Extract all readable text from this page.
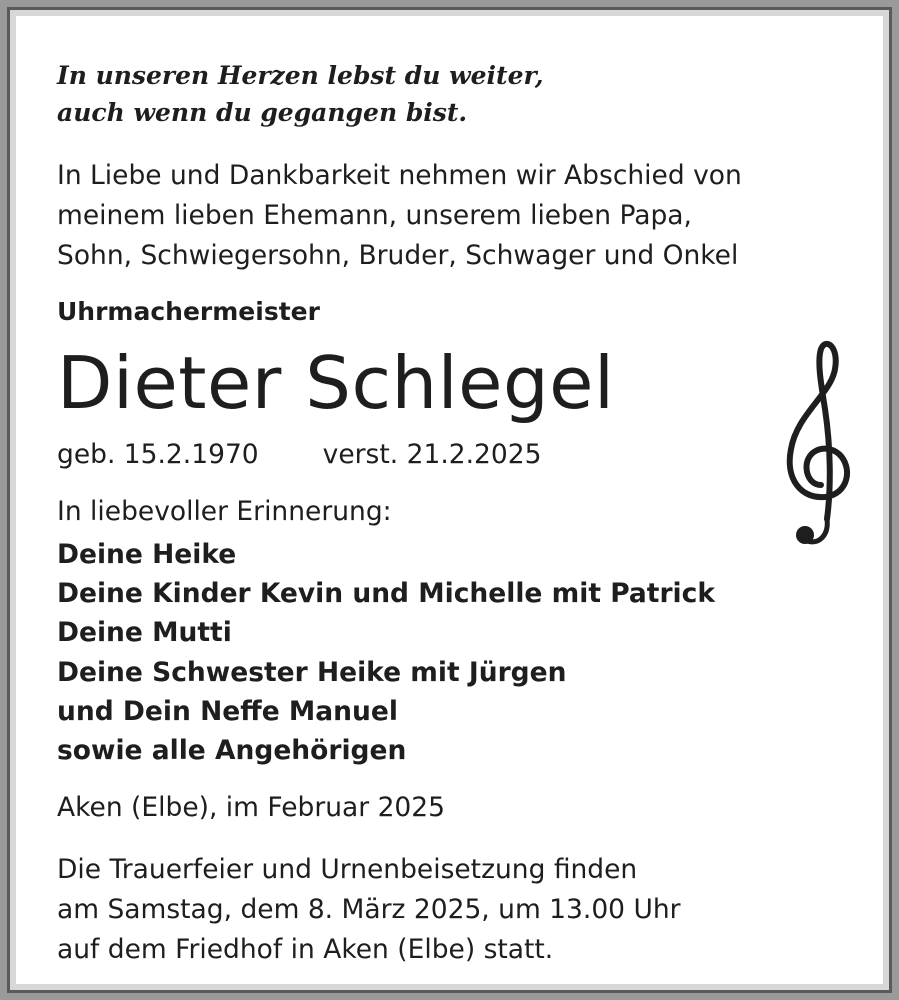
In unseren Herzen lebst du weiter,
auch wenn du gegangen bist.
In Liebe und Dankbarkeit nehmen wir Abschied von
meinem lieben Ehemann, unserem lieben Papa,
Sohn, Schwiegersohn, Bruder, Schwager und Onkel
Uhrmachermeister
Dieter Schlegel
geb. 15.2.1970 verst. 21.2.2025
In liebevoller Erinnerung:
Deine Heike
Deine Kinder Kevin und Michelle mit Patrick
Deine Mutti
Deine Schwester Heike mit Jürgen
und Dein Neffe Manuel
sowie alle Angehörigen
Aken (Elbe), im Februar 2025
Die Trauerfeier und Urnenbeisetzung finden
am Samstag, dem 8. März 2025, um 13.00 Uhr
auf dem Friedhof in Aken (Elbe) statt.
